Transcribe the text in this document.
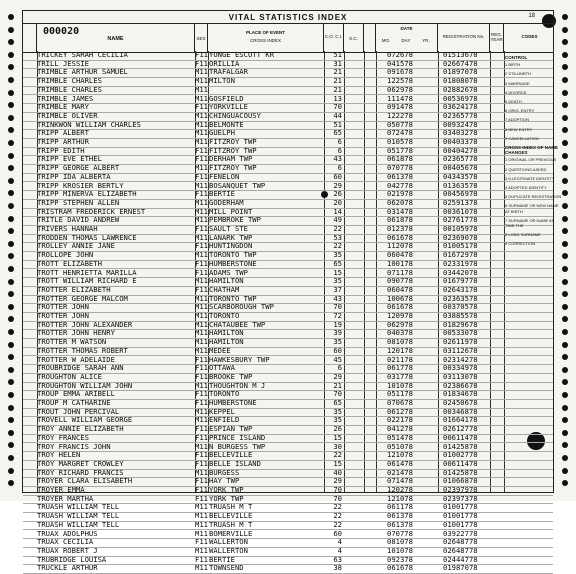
VITAL STATISTICS INDEX	18
NAME	SEX
PLACE OF EVENT
CROSS INDEX
C.O. C.I.	S.C.
DATE
MO.	DAY	YR.
REGISTRATION No.	REG. YEAR
CODES
000020
TRICKEY SARAH CECILIA	F11 YONGE ESCOTT KR	51	072678	01513678
TRILL JESSIE	F11 ORILLIA	31	041578	02667478
TRIMBLE ARTHUR SAMUEL	M11 TRAFALGAR	21	091678	01897078
TRIMBLE CHARLES	M11 MILTON	21	122578	01808078
TRIMBLE CHARLES	M11	21	062978	02882678
TRIMBLE JAMES	M11 GOSFIELD	13	111478	00536978
TRIMBLE MARY	F11 YORKVILLE	70	091478	03624178
TRIMBLE OLIVER	M11 CHINGUACOUSY	44	122278	02365778
TRINKWON WILLIAM CHARLES	M11 BELMONTE	51	050778	00932478
TRIPP ALBERT	M11 GUELPH	65	072478	03403278
TRIPP ARTHUR	M11 FITZROY TWP	6	010578	00403378
TRIPP EDITH	F11 FITZROY TWP	6	051778	00404278
TRIPP EVE ETHEL	F11 DERHAM TWP	43	061878	02365778
TRIPP GEORGE ALBERT	M11 FITZROY TWP	6	070778	00405678
TRIPP IDA ALBERTA	F11 FENELON	60	061378	04343578
TRIPP KROSIER BERTLY	M11 BOSANQUET TWP	29	042778	01363578
TRIPP MINERVA ELIZABETH	F11 BERTIE	26	021978	00456978
TRIPP STEPHEN ALLEN	M11 GODERHAM	20	062078	02591378
TRISTRAM FREDERICK ERNEST	M11 MILL POINT	14	031478	00361078
TRITLE DAVID ANDREW	M11 PEMBROKE TWP	49	061878	02761778
TRIVERS HANNAH	F11 SAULT STE	22	012378	00105978
TRODDEN THOMAS LAWRENCE	M11 LANARK TWP	53	061678	02369078
TROLLEY ANNIE JANE	F11 HUNTINGDON	22	112078	01005178
TROLLOPE JOHN	M11 TORONTO TWP	35	060478	01672978
TROTT ELIZABETH	F11 HUMBERSTONE	65	100178	02331978
TROTT HENRIETTA MARILLA	F11 ADAMS TWP	15	071178	03442078
TROTT WILLIAM RICHARD E	M11 HAMILTON	35	090778	01679778
TROTTER ELIZABETH	F11 CHATHAM	37	060478	02643178
TROTTER GEORGE MALCOM	M11 TORONTO TWP	43	100678	02363578
TROTTER JOHN	M11 SCARBOROUGH TWP	70	061678	00370578
TROTTER JOHN	M11 TORONTO	72	120978	03885578
TROTTER JOHN ALEXANDER	M11 CHATAUBEE TWP	19	062978	01829678
TROTTER JOHN HENRY	M11 HAMILTON	39	040378	00533078
TROTTER M WATSON	M11 HAMILTON	35	081078	02611978
TROTTER THOMAS ROBERT	M11 MEDEE	60	120178	03112678
TROTTER W ADELAIDE	F11 HAWKESBURY TWP	45	021178	02314278
TROUBRIDGE SARAH ANN	F11 OTTAWA	6	061778	00334978
TROUGHTON ALICE	F11 BROOKE TWP	29	031778	03113078
TROUGHTON WILLIAM JOHN	M11 THOUGHTON M J	21	101078	02386678
TROUP EMMA ARIBELL	F11 TORONTO	70	051178	01834678
TROUP M CATHARINE	F11 HUMBERSTONE	65	070678	02450678
TROUT JOHN PERCIVAL	M11 KEPPEL	35	061278	00346878
TROVELL WILLIAM GEORGE	M11 ENFIELD	35	022178	01664178
TROY ANNIE ELIZABETH	F11 ESPIAN TWP	26	041278	02612778
TROY FRANCES	F11 PRINCE ISLAND	15	051478	00611478
TROY FRANCIS JOHN	M11 N BURGESS TWP	30	051078	01425878
TROY HELEN	F11 BELLEVILLE	22	121078	01002778
TROY MARGRET CROWLEY	F11 BELLE ISLAND	15	061478	00611478
TROY RICHARD FRANCIS	M11 BURGESS	40	021478	01425878
TROYER CLARA ELISABETH	F11 HAY TWP	29	071478	01066878
TROYER EMMA	F11 YORK TWP	70	120278	02397978
TROYER MARTHA	F11 YORK TWP	70	121078	02397378
TRUASH WILLIAM TELL	M11 TRUASH M T	22	061178	01001778
TRUASH WILLIAM TELL	M11 BELLEVILLE	22	061378	01001778
TRUASH WILLIAM TELL	M11 TRUASH M T	22	061378	01001778
TRUAX ADOLPHUS	M11 BOMERVILLE	60	070778	03922778
TRUAX CECILIA	F11 WALLERTON	4	081078	02648778
TRUAX ROBERT J	M11 WALLERTON	4	101078	02648778
TRUBRIDGE LOUISA	F11 BERTIE	63	092378	02444778
TRUCKLE ARTHUR	M11 TOWNSEND	38	061678	01987078
CONTROL
1 BIRTH
2 STILLBIRTH
3 MARRIAGE
4 DIVORCE
5 DEATH
6 ORIG. ENTRY
7 ADOPTION
8 NEW ENTRY
9 CANCELLATION
CROSS INDEX OF NAME CHANGES
1 ORIGINAL OR PREVIOUS
2 QUESTIONS ASKED
3 ILLEGITIMATE IDENTITY
4 ADOPTED IDENTITY
5 DUPLICATE REGISTRATION
6 SURNAME OR NEW NAME AT BIRTH
7 SURNAME OR NAME AT TIME THE
8 LONG SURNAME
9 CORRECTION
